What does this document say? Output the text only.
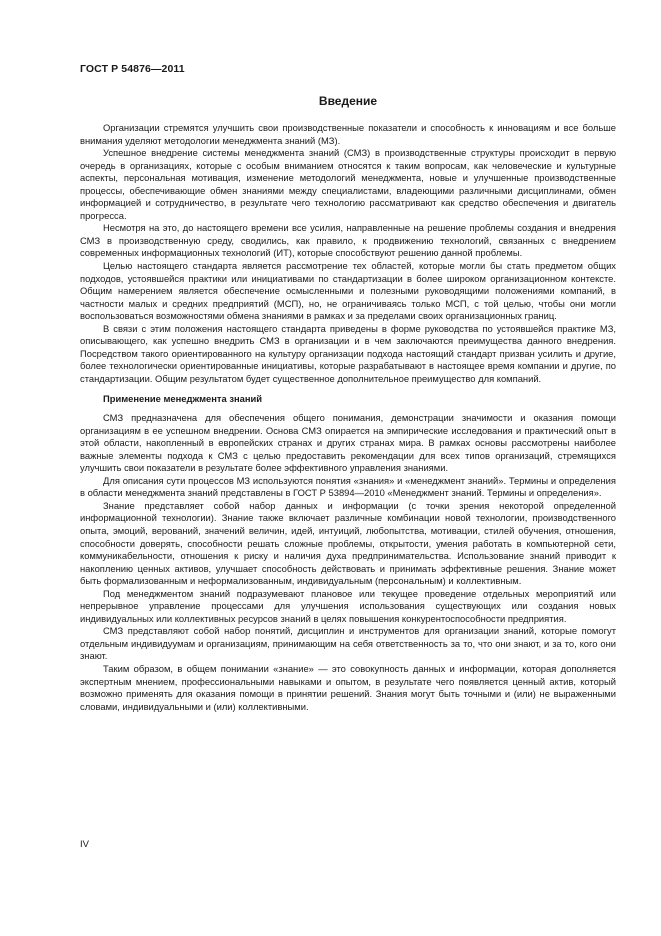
ГОСТ Р 54876—2011
Введение

Организации стремятся улучшить свои производственные показатели и способность к инновациям и все больше внимания уделяют методологии менеджмента знаний (МЗ).

Успешное внедрение системы менеджмента знаний (СМЗ) в производственные структуры происходит в первую очередь в организациях, которые с особым вниманием относятся к таким вопросам, как человеческие и культурные аспекты, персональная мотивация, изменение методологий менеджмента, новые и улучшенные производственные процессы, обеспечивающие обмен знаниями между специалистами, владеющими различными дисциплинами, обмен информацией и сотрудничество, в результате чего технологию рассматривают как средство обеспечения и двигатель прогресса.

Несмотря на это, до настоящего времени все усилия, направленные на решение проблемы создания и внедрения СМЗ в производственную среду, сводились, как правило, к продвижению технологий, связанных с внедрением современных информационных технологий (ИТ), которые способствуют решению данной проблемы.

Целью настоящего стандарта является рассмотрение тех областей, которые могли бы стать предметом общих подходов, устоявшейся практики или инициативами по стандартизации в более широком организационном контексте. Общим намерением является обеспечение осмысленными и полезными руководящими положениями компаний, в частности малых и средних предприятий (МСП), но, не ограничиваясь только МСП, с той целью, чтобы они могли воспользоваться возможностями обмена знаниями в рамках и за пределами своих организационных границ.

В связи с этим положения настоящего стандарта приведены в форме руководства по устоявшейся практике МЗ, описывающего, как успешно внедрить СМЗ в организации и в чем заключаются преимущества данного внедрения. Посредством такого ориентированного на культуру организации подхода настоящий стандарт призван усилить и другие, более технологически ориентированные инициативы, которые разрабатывают в настоящее время компании и другие, по стандартизации. Общим результатом будет существенное дополнительное преимущество для компаний.

Применение менеджмента знаний

СМЗ предназначена для обеспечения общего понимания, демонстрации значимости и оказания помощи организациям в ее успешном внедрении. Основа СМЗ опирается на эмпирические исследования и практический опыт в этой области, накопленный в европейских странах и других странах мира. В рамках основы рассмотрены наиболее важные элементы подхода к СМЗ с целью предоставить рекомендации для всех типов организаций, стремящихся улучшить свои показатели в результате более эффективного управления знаниями.

Для описания сути процессов МЗ используются понятия «знания» и «менеджмент знаний». Термины и определения в области менеджмента знаний представлены в ГОСТ Р 53894—2010 «Менеджмент знаний. Термины и определения».

Знание представляет собой набор данных и информации (с точки зрения некоторой определенной информационной технологии). Знание также включает различные комбинации новой технологии, производственного опыта, эмоций, верований, значений величин, идей, интуиций, любопытства, мотивации, стилей обучения, отношения, способности доверять, способности решать сложные проблемы, открытости, умения работать в компьютерной сети, коммуникабельности, отношения к риску и наличия духа предпринимательства. Использование знаний приводит к накоплению ценных активов, улучшает способность действовать и принимать эффективные решения. Знание может быть формализованным и неформализованным, индивидуальным (персональным) и коллективным.

Под менеджментом знаний подразумевают плановое или текущее проведение отдельных мероприятий или непрерывное управление процессами для улучшения использования существующих или создания новых индивидуальных или коллективных ресурсов знаний в целях повышения конкурентоспособности предприятия.

СМЗ представляют собой набор понятий, дисциплин и инструментов для организации знаний, которые помогут отдельным индивидуумам и организациям, принимающим на себя ответственность за то, что они знают, и за то, кого они знают.

Таким образом, в общем понимании «знание» — это совокупность данных и информации, которая дополняется экспертным мнением, профессиональными навыками и опытом, в результате чего появляется ценный актив, который возможно применять для оказания помощи в принятии решений. Знания могут быть точными и (или) не выраженными словами, индивидуальными и (или) коллективными.

IV
